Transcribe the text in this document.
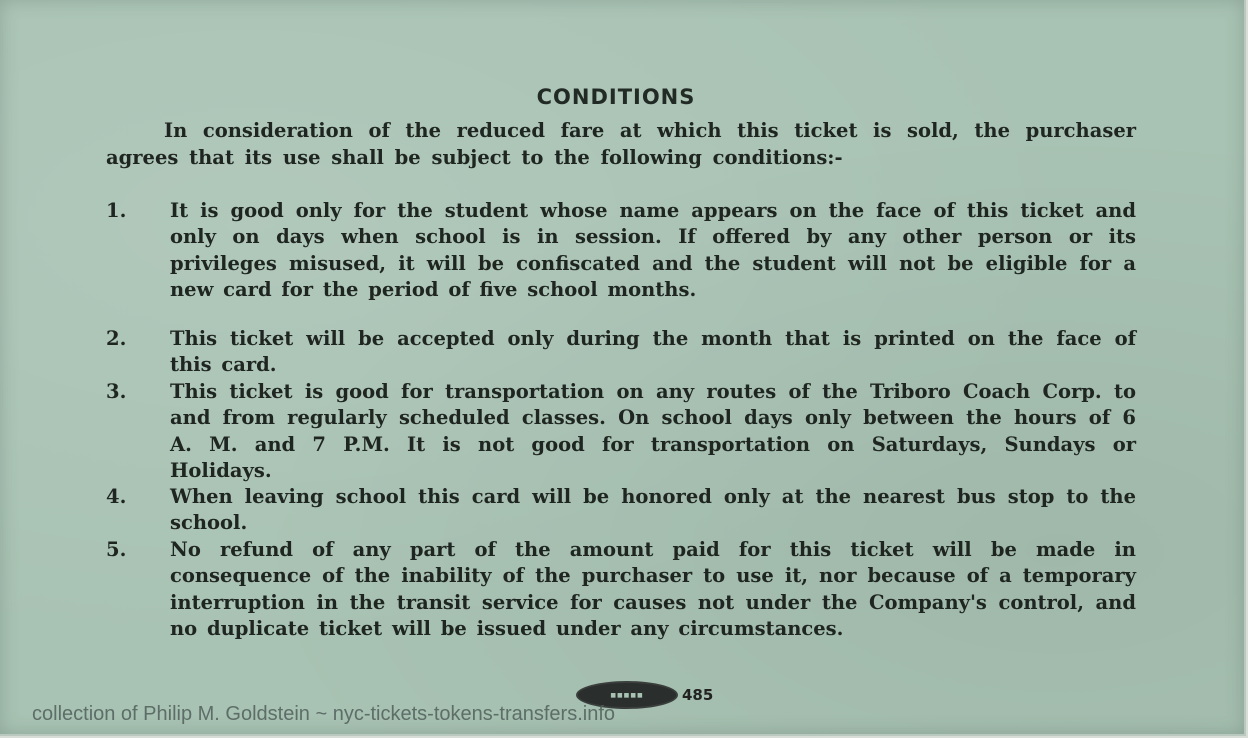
CONDITIONS
In consideration of the reduced fare at which this ticket is sold, the purchaser agrees that its use shall be subject to the following conditions:-
1.	It is good only for the student whose name appears on the face of this ticket and only on days when school is in session. If offered by any other person or its privileges misused, it will be confiscated and the student will not be eligible for a new card for the period of five school months.
2.	This ticket will be accepted only during the month that is printed on the face of this card.
3.	This ticket is good for transportation on any routes of the Triboro Coach Corp. to and from regularly scheduled classes. On school days only between the hours of 6 A. M. and 7 P.M. It is not good for transportation on Saturdays, Sundays or Holidays.
4.	When leaving school this card will be honored only at the nearest bus stop to the school.
5.	No refund of any part of the amount paid for this ticket will be made in consequence of the inability of the purchaser to use it, nor because of a temporary interruption in the transit service for causes not under the Company's control, and no duplicate ticket will be issued under any circumstances.
■■■■■	485
collection of Philip M. Goldstein ~ nyc-tickets-tokens-transfers.info
